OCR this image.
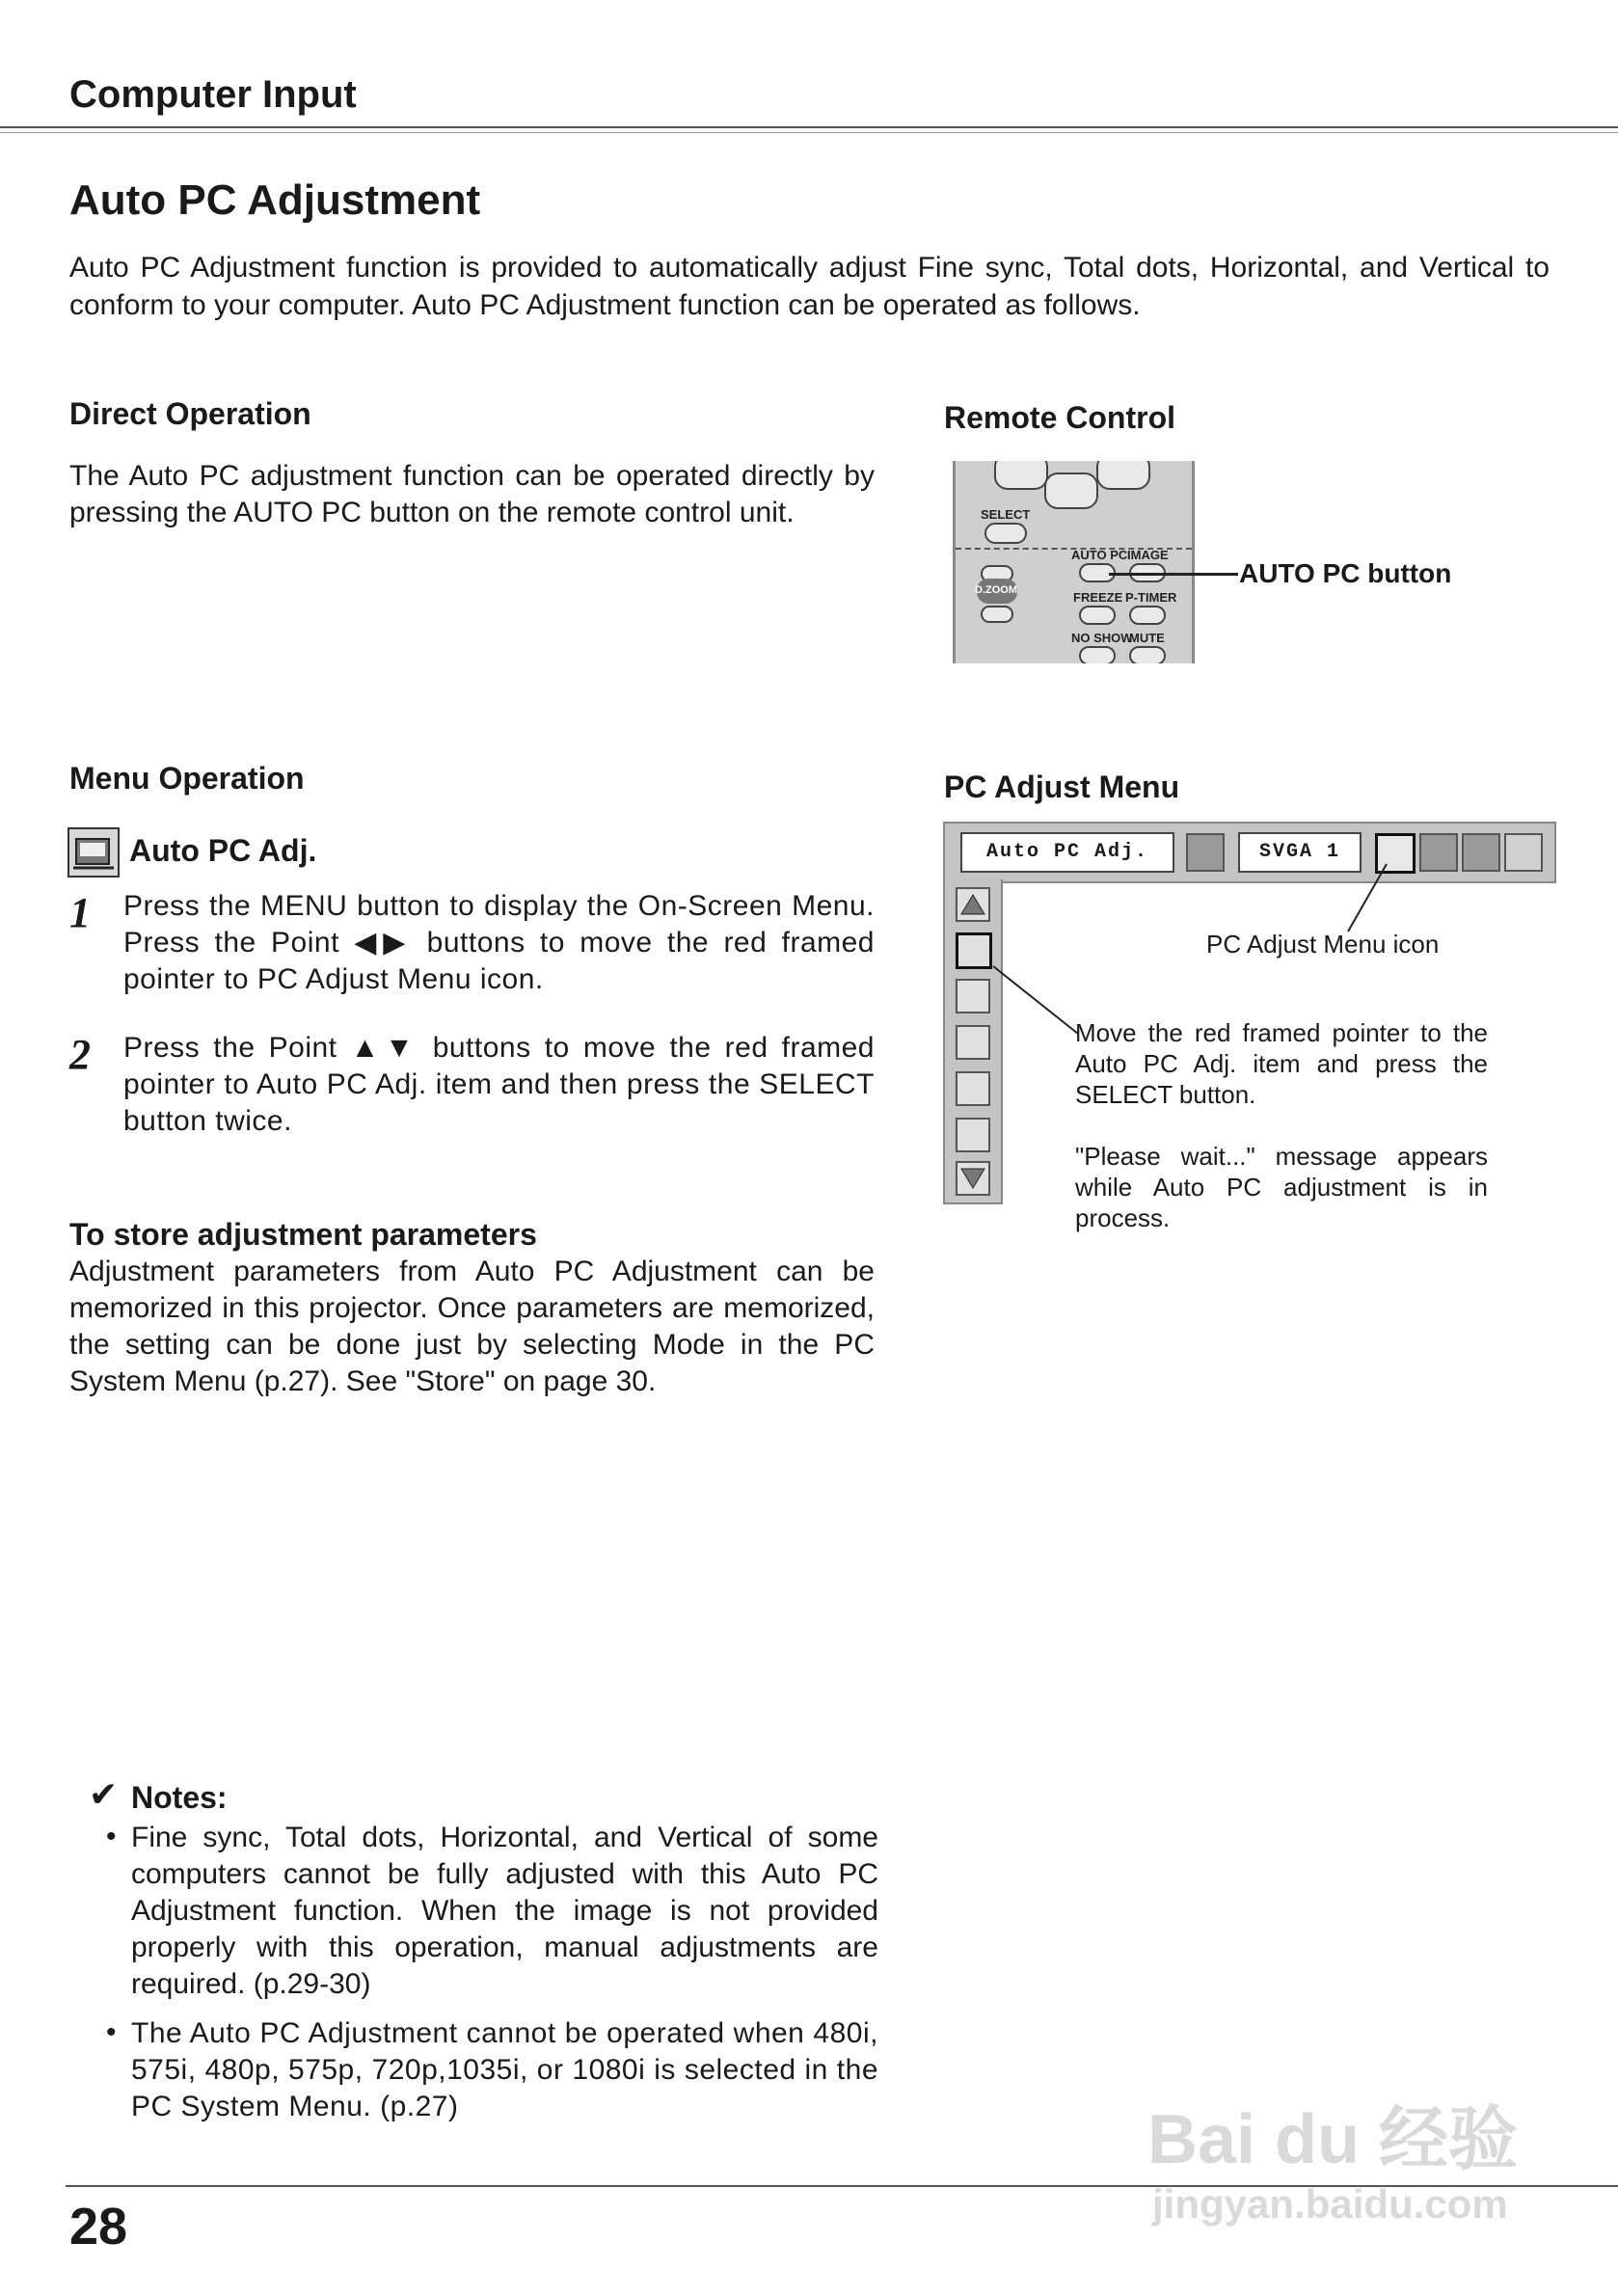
Computer Input
Auto PC Adjustment

Auto PC Adjustment function is provided to automatically adjust Fine sync, Total dots, Horizontal, and Vertical to conform to your computer. Auto PC Adjustment function can be operated as follows.

Direct Operation

The Auto PC adjustment function can be operated directly by pressing the AUTO PC button on the remote control unit.

Remote Control
SELECT
AUTO PC IMAGE
D.ZOOM	FREEZE P-TIMER
NO SHOW
MUTE
AUTO PC button
Menu Operation
Auto PC Adj.
1 Press the MENU button to display the On-Screen Menu. Press the Point ◀▶ buttons to move the red framed pointer to PC Adjust Menu icon.

2 Press the Point ▲▼ buttons to move the red framed pointer to Auto PC Adj. item and then press the SELECT button twice.

To store adjustment parameters

Adjustment parameters from Auto PC Adjustment can be memorized in this projector. Once parameters are memorized, the setting can be done just by selecting Mode in the PC System Menu (p.27). See "Store" on page 30.

PC Adjust Menu
Auto PC Adj.	SVGA 1
PC Adjust Menu icon

Move the red framed pointer to the Auto PC Adj. item and press the SELECT button.

"Please wait..." message appears while Auto PC adjustment is in process.

✔ Notes:
• Fine sync, Total dots, Horizontal, and Vertical of some computers cannot be fully adjusted with this Auto PC Adjustment function. When the image is not provided properly with this operation, manual adjustments are required. (p.29-30)

• The Auto PC Adjustment cannot be operated when 480i, 575i, 480p, 575p, 720p,1035i, or 1080i is selected in the PC System Menu. (p.27)

28
Bai du 经验
jingyan.baidu.com
